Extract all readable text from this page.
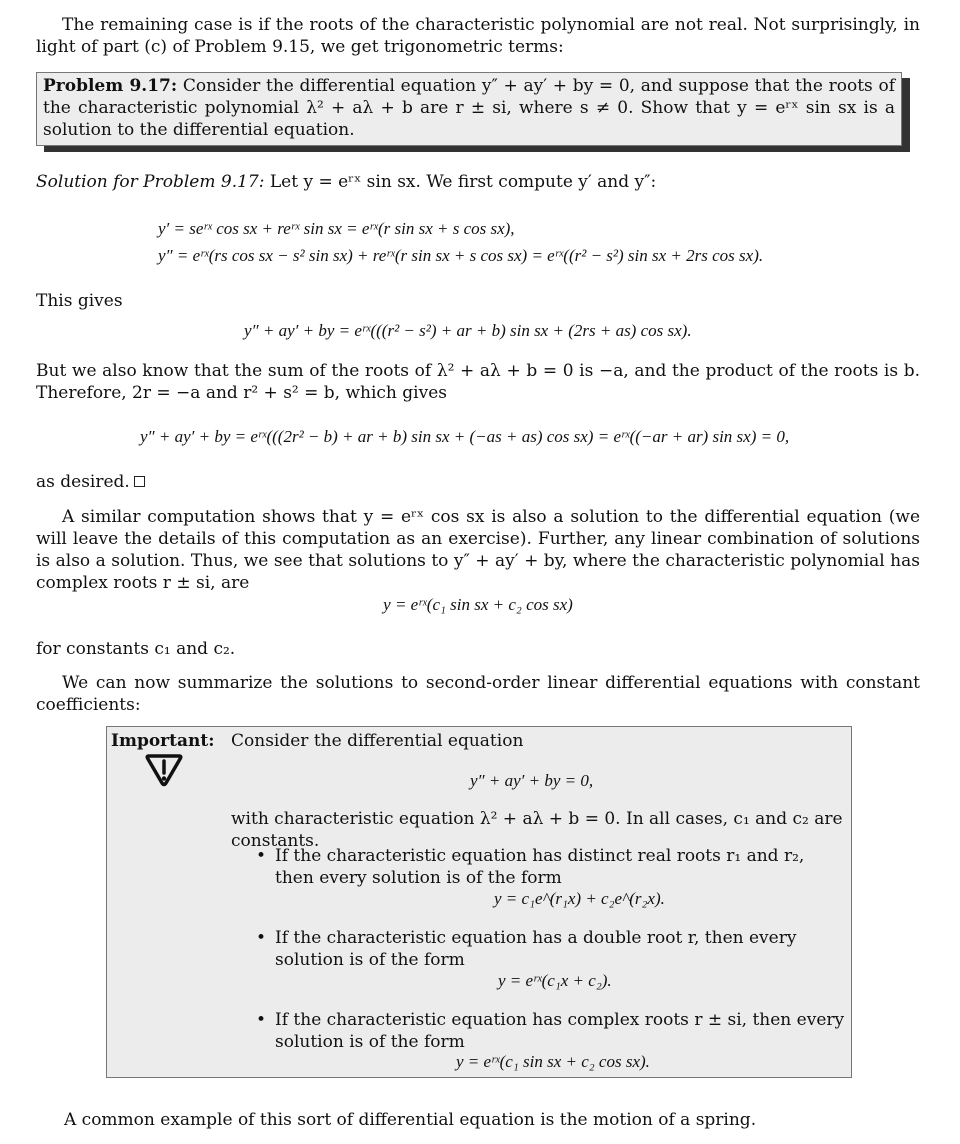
The remaining case is if the roots of the characteristic polynomial are not real. Not surprisingly, in light of part (c) of Problem 9.15, we get trigonometric terms:
Problem 9.17: Consider the differential equation y″ + ay′ + by = 0, and suppose that the roots of the characteristic polynomial λ² + aλ + b are r ± si, where s ≠ 0. Show that y = eʳˣ sin sx is a solution to the differential equation.
Solution for Problem 9.17: Let y = eʳˣ sin sx. We first compute y′ and y″:
y′ = seʳˣ cos sx + reʳˣ sin sx = eʳˣ(r sin sx + s cos sx),
y″ = eʳˣ(rs cos sx − s² sin sx) + reʳˣ(r sin sx + s cos sx) = eʳˣ((r² − s²) sin sx + 2rs cos sx).
This gives
y″ + ay′ + by = eʳˣ(((r² − s²) + ar + b) sin sx + (2rs + as) cos sx).
But we also know that the sum of the roots of λ² + aλ + b = 0 is −a, and the product of the roots is b. Therefore, 2r = −a and r² + s² = b, which gives
y″ + ay′ + by = eʳˣ(((2r² − b) + ar + b) sin sx + (−as + as) cos sx) = eʳˣ((−ar + ar) sin sx) = 0,
as desired.
A similar computation shows that y = eʳˣ cos sx is also a solution to the differential equation (we will leave the details of this computation as an exercise). Further, any linear combination of solutions is also a solution. Thus, we see that solutions to y″ + ay′ + by, where the characteristic polynomial has complex roots r ± si, are
y = eʳˣ(c₁ sin sx + c₂ cos sx)
for constants c₁ and c₂.
We can now summarize the solutions to second-order linear differential equations with constant coefficients:
Important: Consider the differential equation
y″ + ay′ + by = 0,
with characteristic equation λ² + aλ + b = 0. In all cases, c₁ and c₂ are constants.
• If the characteristic equation has distinct real roots r₁ and r₂, then every solution is of the form
y = c₁e^(r₁x) + c₂e^(r₂x).
• If the characteristic equation has a double root r, then every solution is of the form
y = eʳˣ(c₁x + c₂).
• If the characteristic equation has complex roots r ± si, then every solution is of the form
y = eʳˣ(c₁ sin sx + c₂ cos sx).
A common example of this sort of differential equation is the motion of a spring.
